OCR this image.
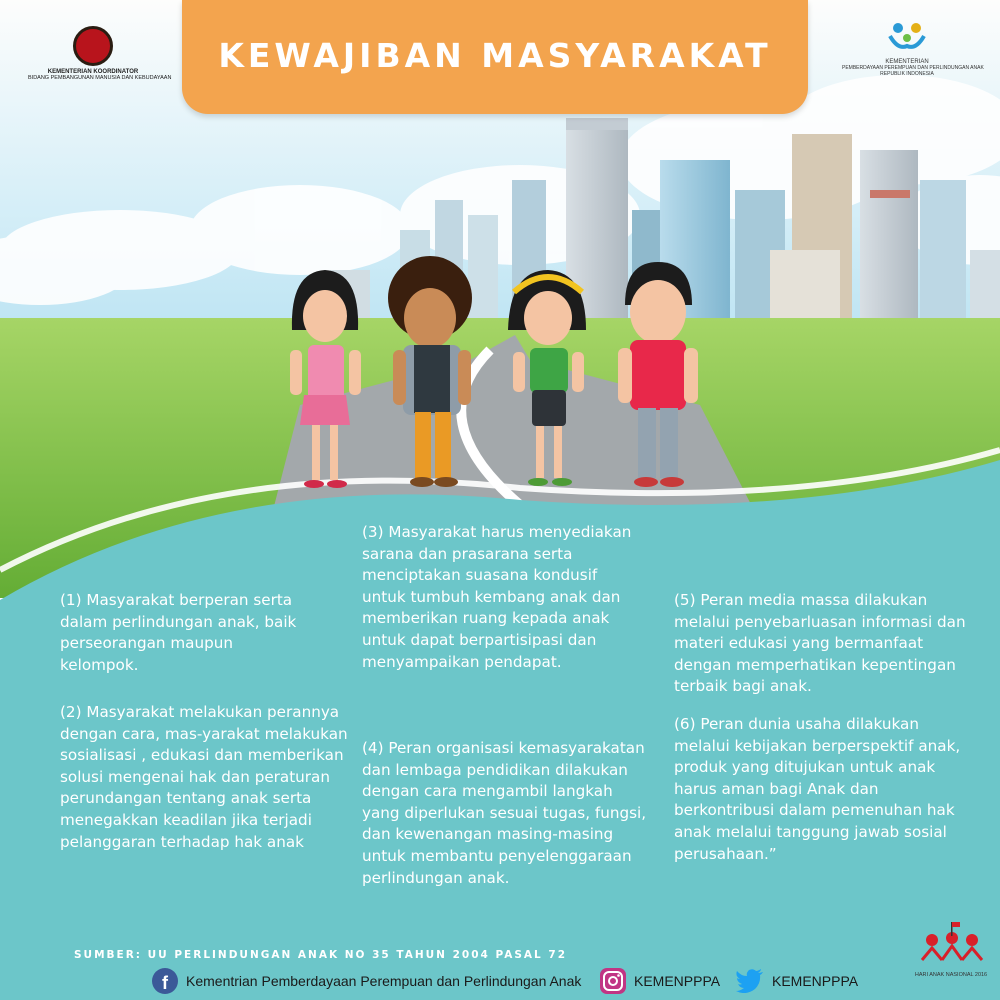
KEMENTERIAN KOORDINATOR
BIDANG PEMBANGUNAN MANUSIA DAN KEBUDAYAAN
KEWAJIBAN MASYARAKAT	KEMENTERIAN
PEMBERDAYAAN PEREMPUAN DAN PERLINDUNGAN ANAK
REPUBLIK INDONESIA

(1) Masyarakat berperan serta dalam perlindungan anak, baik perseorangan maupun kelompok.

(2) Masyarakat melakukan perannya dengan cara, mas-yarakat melakukan sosialisasi , edukasi dan memberikan solusi mengenai hak dan peraturan perundangan tentang anak serta menegakkan keadilan jika terjadi pelanggaran terhadap hak anak

(3) Masyarakat harus menyediakan sarana dan prasarana serta menciptakan suasana kondusif untuk tumbuh kembang anak dan memberikan ruang kepada anak untuk dapat berpartisipasi dan menyampaikan pendapat.

(4) Peran organisasi kemasyarakatan dan lembaga pendidikan dilakukan dengan cara mengambil langkah yang diperlukan sesuai tugas, fungsi, dan kewenangan masing-masing untuk membantu penyelenggaraan perlindungan anak.

(5) Peran media massa dilakukan melalui penyebarluasan informasi dan materi edukasi yang bermanfaat dengan memperhatikan kepentingan terbaik bagi anak.

(6) Peran dunia usaha dilakukan melalui kebijakan berperspektif anak, produk yang ditujukan untuk anak harus aman bagi Anak dan berkontribusi dalam pemenuhan hak anak melalui tanggung jawab sosial perusahaan.”

SUMBER: UU PERLINDUNGAN ANAK NO 35 TAHUN 2004 PASAL 72
f Kementrian Pemberdayaan Perempuan dan Perlindungan Anak	KEMENPPPA	KEMENPPPA	HARI ANAK NASIONAL 2016
